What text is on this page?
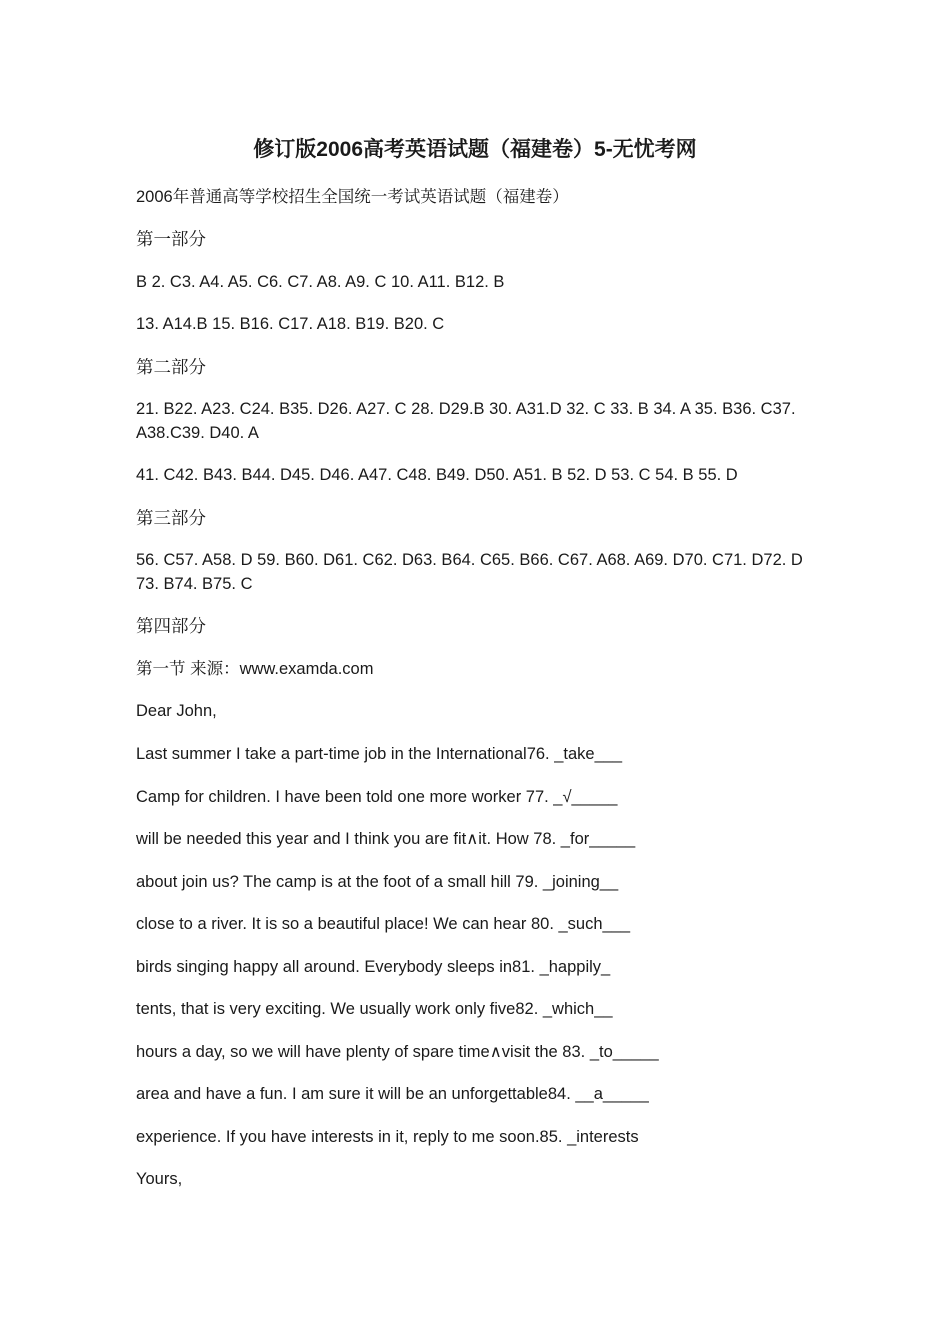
修订版2006高考英语试题（福建卷）5-无忧考网
2006年普通高等学校招生全国统一考试英语试题（福建卷）
第一部分
B 2. C3. A4. A5. C6. C7. A8. A9. C 10. A11. B12. B
13. A14.B 15. B16. C17. A18. B19. B20. C
第二部分
21. B22. A23. C24. B35. D26. A27. C 28. D29.B 30. A31.D 32. C 33. B 34. A 35. B36. C37. A38.C39. D40. A
41. C42. B43. B44. D45. D46. A47. C48. B49. D50. A51. B 52. D 53. C 54. B 55. D
第三部分
56. C57. A58. D 59. B60. D61. C62. D63. B64. C65. B66. C67. A68. A69. D70. C71. D72. D 73. B74. B75. C
第四部分
第一节 来源：www.examda.com
Dear John,
Last summer I take a part-time job in the International76. _take___
Camp for children. I have been told one more worker 77. _√_____
will be needed this year and I think you are fit∧it. How 78. _for_____
about join us? The camp is at the foot of a small hill 79. _joining__
close to a river. It is so a beautiful place! We can hear 80. _such___
birds singing happy all around. Everybody sleeps in81. _happily_
tents, that is very exciting. We usually work only five82. _which__
hours a day, so we will have plenty of spare time∧visit the 83. _to_____
area and have a fun. I am sure it will be an unforgettable84. __a_____
experience. If you have interests in it, reply to me soon.85. _interests
Yours,
